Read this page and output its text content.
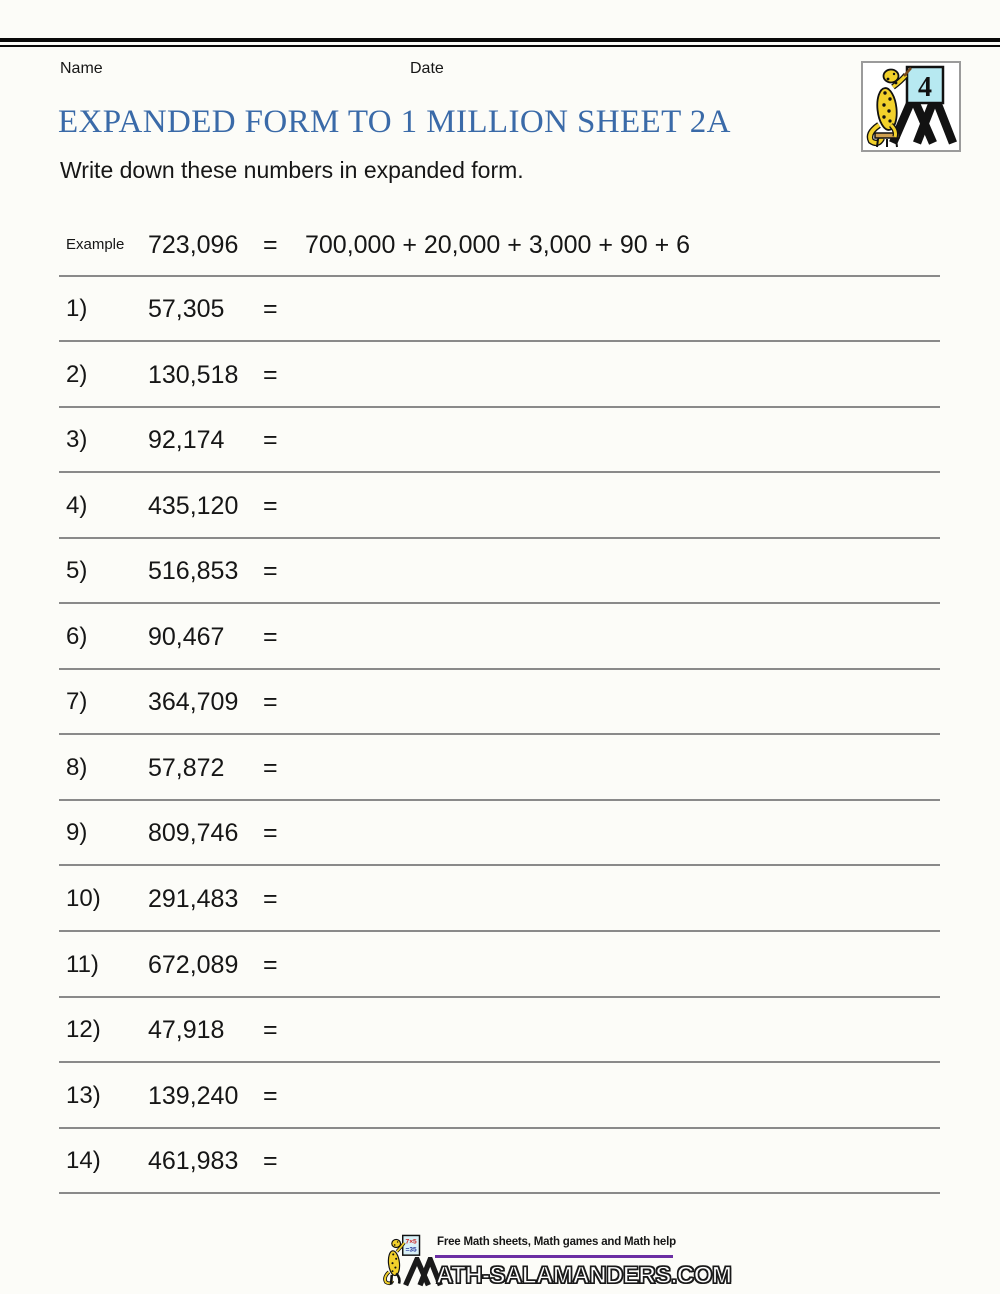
Name	Date
4
EXPANDED FORM TO 1 MILLION SHEET 2A
Write down these numbers in expanded form.
Example 723,096 = 700,000 + 20,000 + 3,000 + 90 + 6
1) 57,305 =
2) 130,518 =
3) 92,174 =
4) 435,120 =
5) 516,853 =
6) 90,467 =
7) 364,709 =
8) 57,872 =
9) 809,746 =
10) 291,483 =
11) 672,089 =
12) 47,918 =
13) 139,240 =
14) 461,983 =
7×5
=35
Free Math sheets, Math games and Math help
ATH-SALAMANDERS.COM
